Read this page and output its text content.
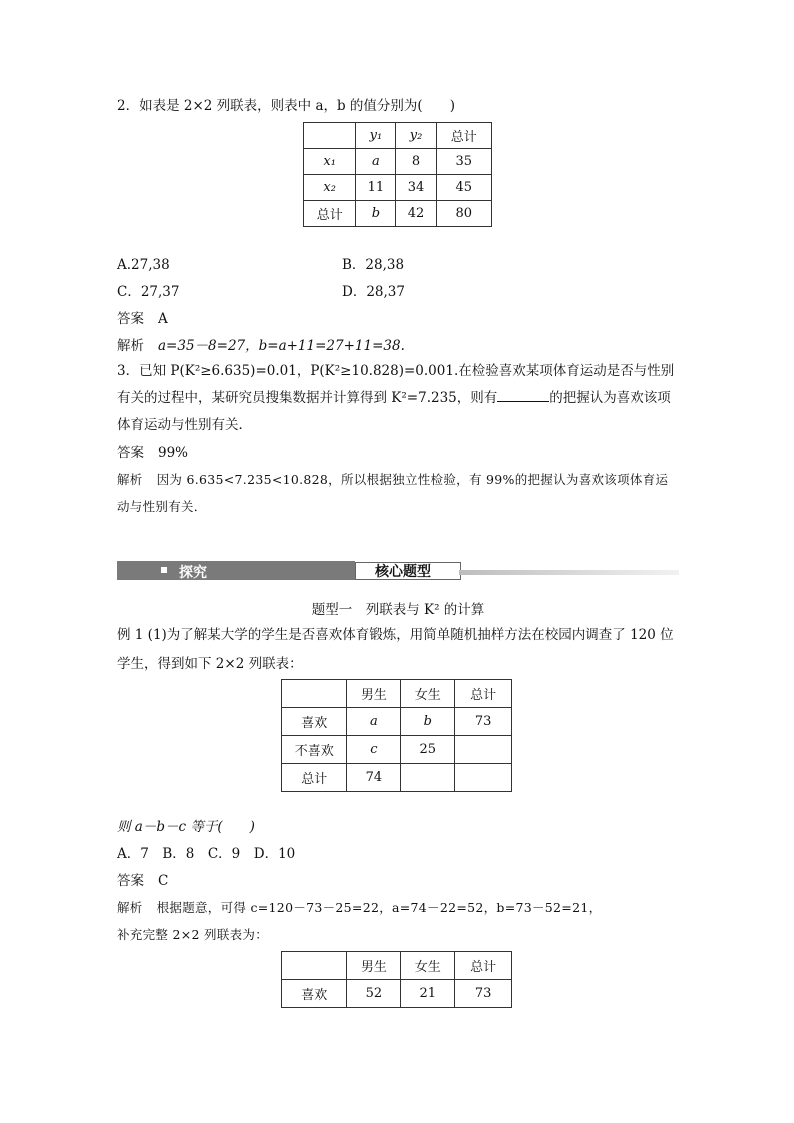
2．如表是 2×2 列联表，则表中 a，b 的值分别为(　　)
	y₁	y₂	总计
x₁	a	8	35
x₂	11	34	45
总计	b	42	80
A.27,38	B．28,38
C．27,37	D．28,37
答案 A
解析 a=35－8=27，b=a+11=27+11=38.
3．已知 P(K²≥6.635)=0.01，P(K²≥10.828)=0.001.在检验喜欢某项体育运动是否与性别有关的过程中，某研究员搜集数据并计算得到 K²=7.235，则有	的把握认为喜欢该项体育运动与性别有关．
答案 99%
解析 因为 6.635<7.235<10.828，所以根据独立性检验，有 99%的把握认为喜欢该项体育运动与性别有关．
探究	核心题型
题型一　列联表与 K² 的计算
例 1 (1)为了解某大学的学生是否喜欢体育锻炼，用简单随机抽样方法在校园内调查了 120 位学生，得到如下 2×2 列联表：
	男生	女生	总计
喜欢	a	b	73
不喜欢	c	25	
总计	74		
则 a－b－c 等于(　　)
A．7　B．8　C．9　D．10
答案 C
解析 根据题意，可得 c=120－73－25=22，a=74－22=52，b=73－52=21，
补充完整 2×2 列联表为：
	男生	女生	总计
喜欢	52	21	73
